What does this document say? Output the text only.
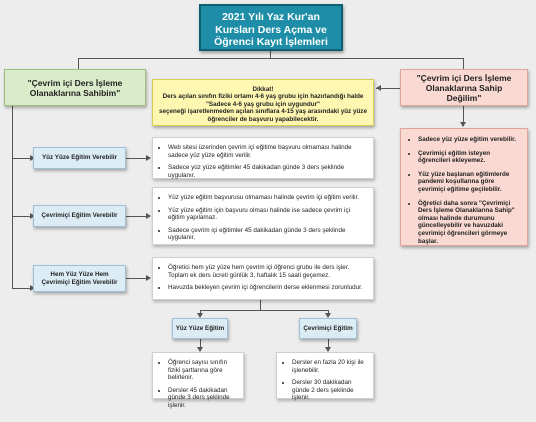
2021 Yılı Yaz Kur'an Kursları Ders Açma ve Öğrenci Kayıt İşlemleri
"Çevrim içi Ders İşleme Olanaklarına Sahibim"	Dikkat!
Ders açılan sınıfın fiziki ortamı 4-6 yaş grubu için hazırlandığı halde "Sadece 4-6 yaş grubu için uygundur"
seçeneği işaretlenmeden açılan sınıflara 4-15 yaş arasındaki yüz yüze öğrenciler de başvuru yapabilecektir.
"Çevrim içi Ders İşleme Olanaklarına Sahip Değilim"
Yüz Yüze Eğitim Verebilir
• Web sitesi üzerinden çevrim içi eğitime başvuru olmaması halinde sadece yüz yüze eğitim verilir.
• Sadece yüz yüze eğitimler 45 dakikadan günde 3 ders şeklinde uygulanır.
Çevrimiçi Eğitim Verebilir
• Yüz yüze eğitim başvurusu olmaması halinde çevrim içi eğitim verilir.
• Yüz yüze eğitim için başvuru olması halinde ise sadece çevrim içi eğitim yapılamaz.
• Sadece çevrim içi eğitimler 45 dakikadan günde 3 ders şeklinde uygulanır.
Hem Yüz Yüze Hem Çevrimiçi Eğitim Verebilir
• Öğretici hem yüz yüze hem çevrim içi öğrenci grubu ile ders işler. Toplam ek ders ücreti günlük 3, haftalık 15 saati geçemez.
• Havuzda bekleyen çevrim içi öğrencilerin derse eklenmesi zorunludur.
Yüz Yüze Eğitim
• Öğrenci sayısı sınıfın fiziki şartlarına göre belirlenir.
• Dersler 45 dakikadan günde 3 ders şeklinde işlenir.
Çevrimiçi Eğitim
• Dersler en fazla 20 kişi ile işlenebilir.
• Dersler 30 dakikadan günde 2 ders şeklinde işlenir.
• Sadece yüz yüze eğitim verebilir.
• Çevrimiçi eğitim isteyen öğrencileri ekleyemez.
• Yüz yüze başlanan eğitimlerde pandemi koşullarına göre çevrimiçi eğitime geçilebilir.
• Öğretici daha sonra "Çevrimiçi Ders İşleme Olanaklarına Sahip" olması halinde durumunu güncelleyebilir ve havuzdaki çevrimiçi öğrencileri görmeye başlar.
